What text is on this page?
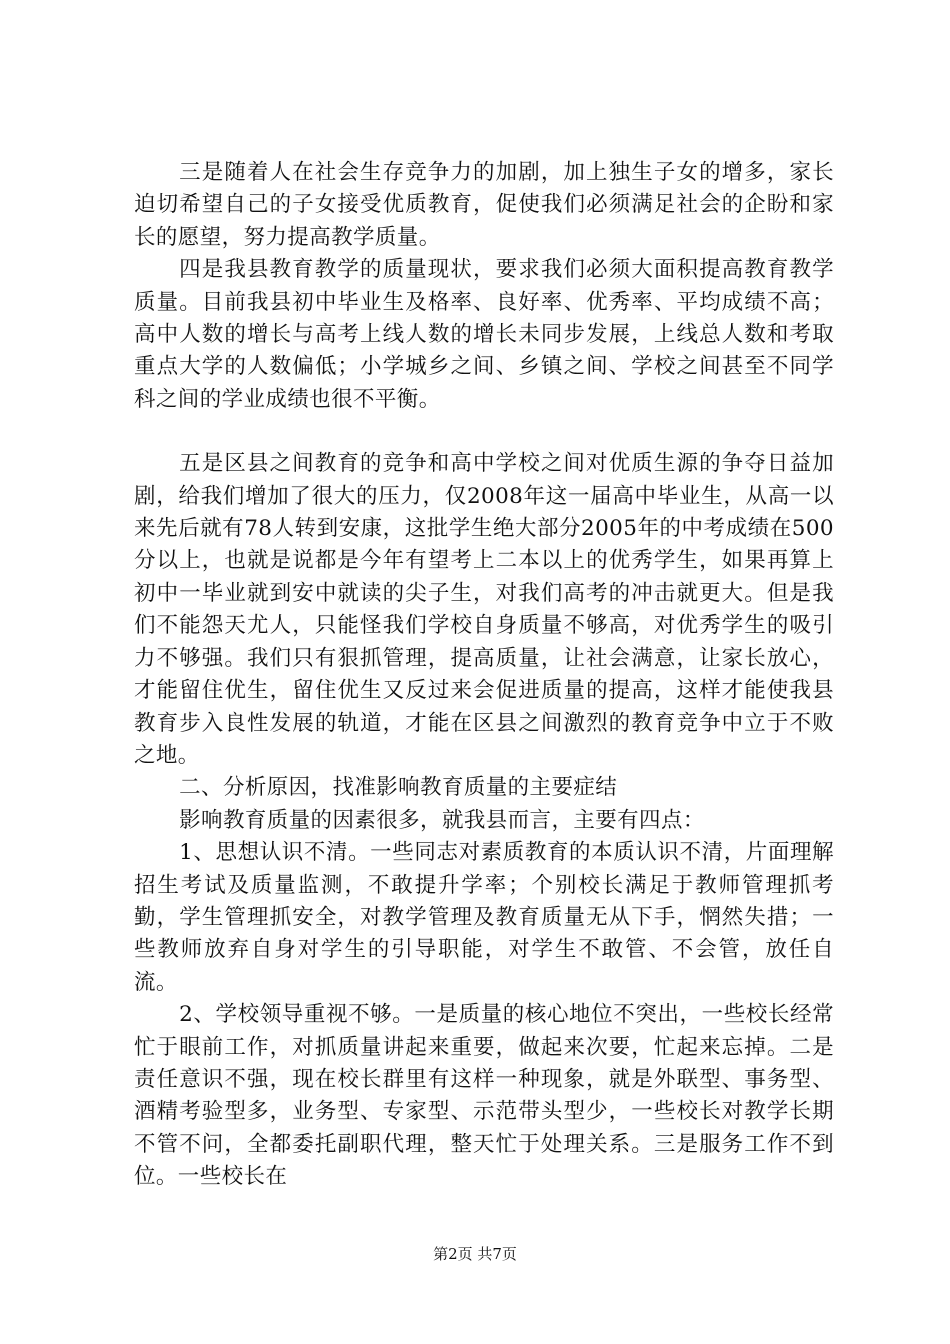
三是随着人在社会生存竞争力的加剧，加上独生子女的增多，家长迫切希望自己的子女接受优质教育，促使我们必须满足社会的企盼和家长的愿望，努力提高教学质量。

四是我县教育教学的质量现状，要求我们必须大面积提高教育教学质量。目前我县初中毕业生及格率、良好率、优秀率、平均成绩不高；高中人数的增长与高考上线人数的增长未同步发展，上线总人数和考取重点大学的人数偏低；小学城乡之间、乡镇之间、学校之间甚至不同学科之间的学业成绩也很不平衡。

五是区县之间教育的竞争和高中学校之间对优质生源的争夺日益加剧，给我们增加了很大的压力，仅2008年这一届高中毕业生，从高一以来先后就有78人转到安康，这批学生绝大部分2005年的中考成绩在500分以上，也就是说都是今年有望考上二本以上的优秀学生，如果再算上初中一毕业就到安中就读的尖子生，对我们高考的冲击就更大。但是我们不能怨天尤人，只能怪我们学校自身质量不够高，对优秀学生的吸引力不够强。我们只有狠抓管理，提高质量，让社会满意，让家长放心，才能留住优生，留住优生又反过来会促进质量的提高，这样才能使我县教育步入良性发展的轨道，才能在区县之间激烈的教育竞争中立于不败之地。

二、分析原因，找准影响教育质量的主要症结

影响教育质量的因素很多，就我县而言，主要有四点：

1、思想认识不清。一些同志对素质教育的本质认识不清，片面理解招生考试及质量监测，不敢提升学率；个别校长满足于教师管理抓考勤，学生管理抓安全，对教学管理及教育质量无从下手，惘然失措；一些教师放弃自身对学生的引导职能，对学生不敢管、不会管，放任自流。

2、学校领导重视不够。一是质量的核心地位不突出，一些校长经常忙于眼前工作，对抓质量讲起来重要，做起来次要，忙起来忘掉。二是责任意识不强，现在校长群里有这样一种现象，就是外联型、事务型、酒精考验型多，业务型、专家型、示范带头型少，一些校长对教学长期不管不问，全都委托副职代理，整天忙于处理关系。三是服务工作不到位。一些校长在

第2页 共7页
